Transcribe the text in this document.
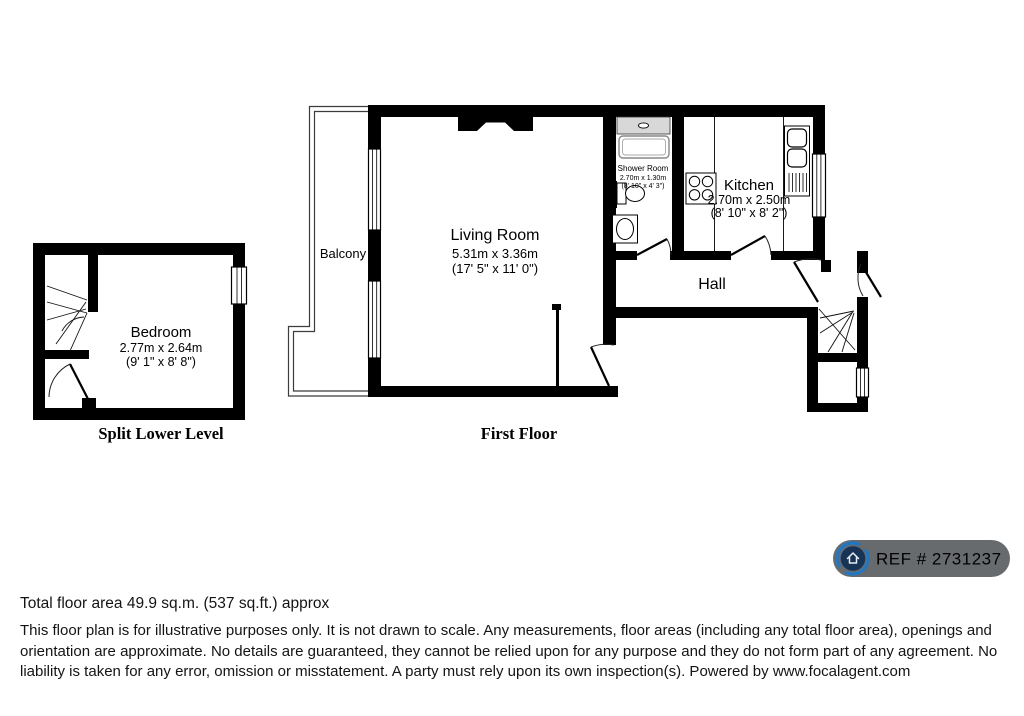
Bedroom
2.77m x 2.64m
(9' 1" x 8' 8")
Living Room
5.31m x 3.36m
(17' 5" x 11' 0")
Shower Room
2.70m x 1.30m
(8' 10" x 4' 3")	Kitchen
2.70m x 2.50m
(8' 10" x 8' 2")
Hall
Balcony
Split Lower Level	First Floor
REF # 2731237
Total floor area 49.9 sq.m. (537 sq.ft.) approx
This floor plan is for illustrative purposes only. It is not drawn to scale. Any measurements, floor areas (including any total floor area), openings and orientation are approximate. No details are guaranteed, they cannot be relied upon for any purpose and they do not form part of any agreement. No liability is taken for any error, omission or misstatement. A party must rely upon its own inspection(s). Powered by www.focalagent.com
